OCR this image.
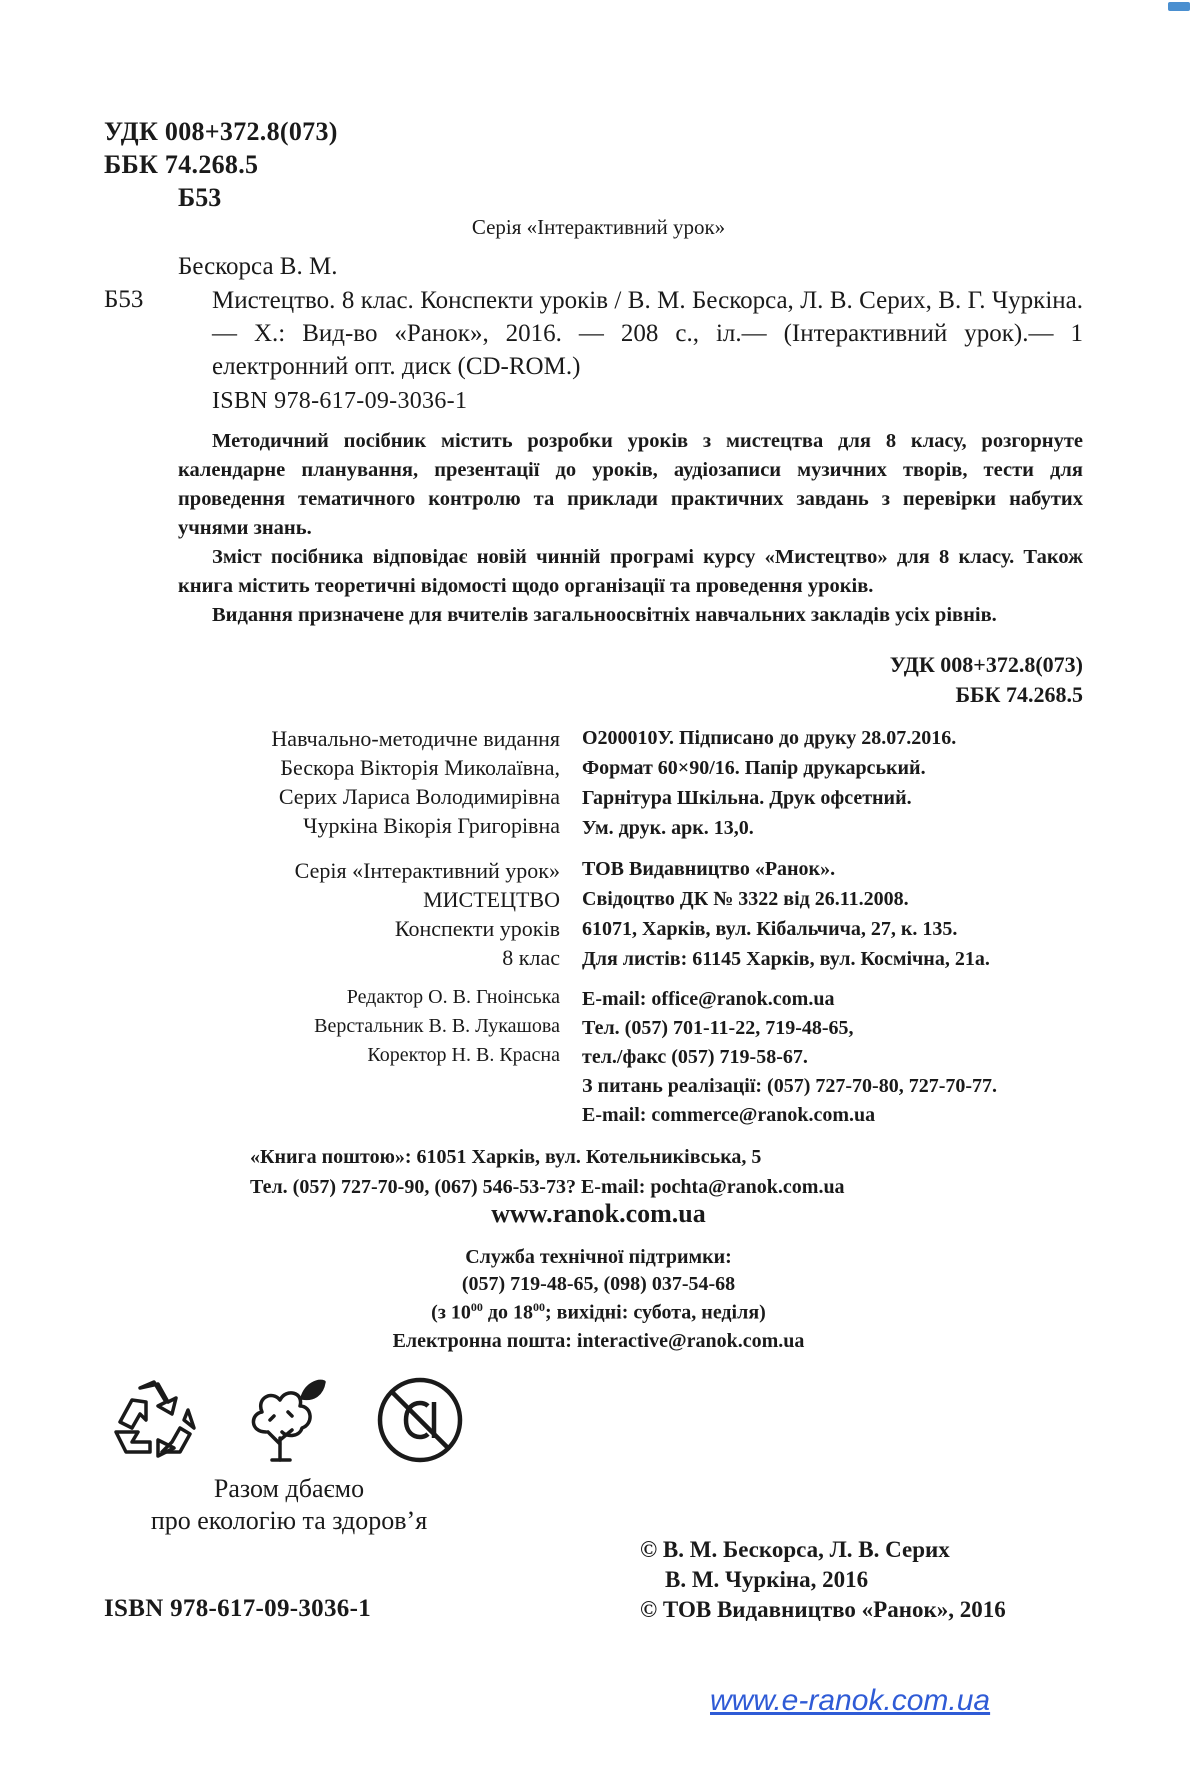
УДК 008+372.8(073)
ББК 74.268.5
Б53
Серія «Інтерактивний урок»
Бескорса В. М.
Б53	Мистецтво. 8 клас. Конспекти уроків / В. М. Бескорса, Л. В. Серих, В. Г. Чуркіна.— Х.: Вид-во «Ранок», 2016. — 208 с., іл.— (Інтерактивний урок).— 1 електронний опт. диск (CD-ROM.)
ISBN 978-617-09-3036-1

Методичний посібник містить розробки уроків з мистецтва для 8 класу, розгорнуте календарне планування, презентації до уроків, аудіозаписи музичних творів, тести для проведення тематичного контролю та приклади практичних завдань з перевірки набутих учнями знань.

Зміст посібника відповідає новій чинній програмі курсу «Мистецтво» для 8 класу. Також книга містить теоретичні відомості щодо організації та проведення уроків.

Видання призначене для вчителів загальноосвітніх навчальних закладів усіх рівнів.

УДК 008+372.8(073)
ББК 74.268.5
Навчально-методичне видання
Бескора Вікторія Миколаївна,
Серих Лариса Володимирівна
Чуркіна Вікорія Григорівна
Серія «Інтерактивний урок»
МИСТЕЦТВО
Конспекти уроків
8 клас
Редактор О. В. Гноінська
Верстальник В. В. Лукашова
Коректор Н. В. Красна
О200010У. Підписано до друку 28.07.2016.
Формат 60×90/16. Папір друкарський.
Гарнітура Шкільна. Друк офсетний.
Ум. друк. арк. 13,0.
ТОВ Видавництво «Ранок».
Свідоцтво ДК № 3322 від 26.11.2008.
61071, Харків, вул. Кібальчича, 27, к. 135.
Для листів: 61145 Харків, вул. Космічна, 21а.
E-mail: office@ranok.com.ua
Тел. (057) 701-11-22, 719-48-65,
тел./факс (057) 719-58-67.
З питань реалізації: (057) 727-70-80, 727-70-77.
E-mail: commerce@ranok.com.ua
«Книга поштою»: 61051 Харків, вул. Котельниківська, 5
Тел. (057) 727-70-90, (067) 546-53-73? E-mail: pochta@ranok.com.ua
www.ranok.com.ua
Служба технічної підтримки:
(057) 719-48-65, (098) 037-54-68
(з $10^{00}$ до $18^{00}$; вихідні: субота, неділя)
Електронна пошта: interactive@ranok.com.ua
Разом дбаємо
про екологію та здоров’я
© В. М. Бескорса, Л. В. Серих
В. М. Чуркіна, 2016
© ТОВ Видавництво «Ранок», 2016
ISBN 978-617-09-3036-1
www.e-ranok.com.ua
